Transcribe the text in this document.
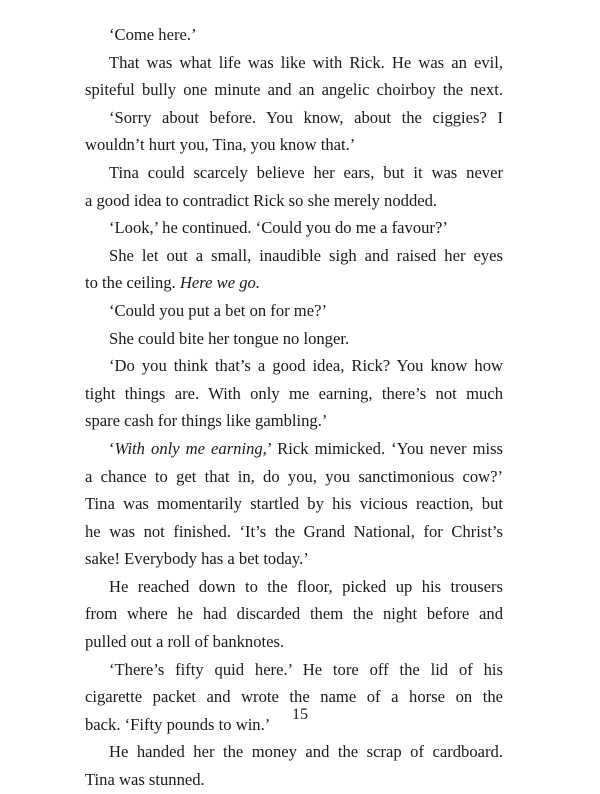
‘Come here.’
That was what life was like with Rick. He was an evil,
spiteful bully one minute and an angelic choirboy the next.
‘Sorry about before. You know, about the ciggies? I
wouldn’t hurt you, Tina, you know that.’
Tina could scarcely believe her ears, but it was never
a good idea to contradict Rick so she merely nodded.
‘Look,’ he continued. ‘Could you do me a favour?’
She let out a small, inaudible sigh and raised her eyes
to the ceiling. Here we go.
‘Could you put a bet on for me?’
She could bite her tongue no longer.
‘Do you think that’s a good idea, Rick? You know how
tight things are. With only me earning, there’s not much
spare cash for things like gambling.’
‘With only me earning,’ Rick mimicked. ‘You never miss
a chance to get that in, do you, you sanctimonious cow?’
Tina was momentarily startled by his vicious reaction, but
he was not finished. ‘It’s the Grand National, for Christ’s
sake! Everybody has a bet today.’
He reached down to the floor, picked up his trousers
from where he had discarded them the night before and
pulled out a roll of banknotes.
‘There’s fifty quid here.’ He tore off the lid of his
cigarette packet and wrote the name of a horse on the
back. ‘Fifty pounds to win.’
He handed her the money and the scrap of cardboard.
Tina was stunned.
15
